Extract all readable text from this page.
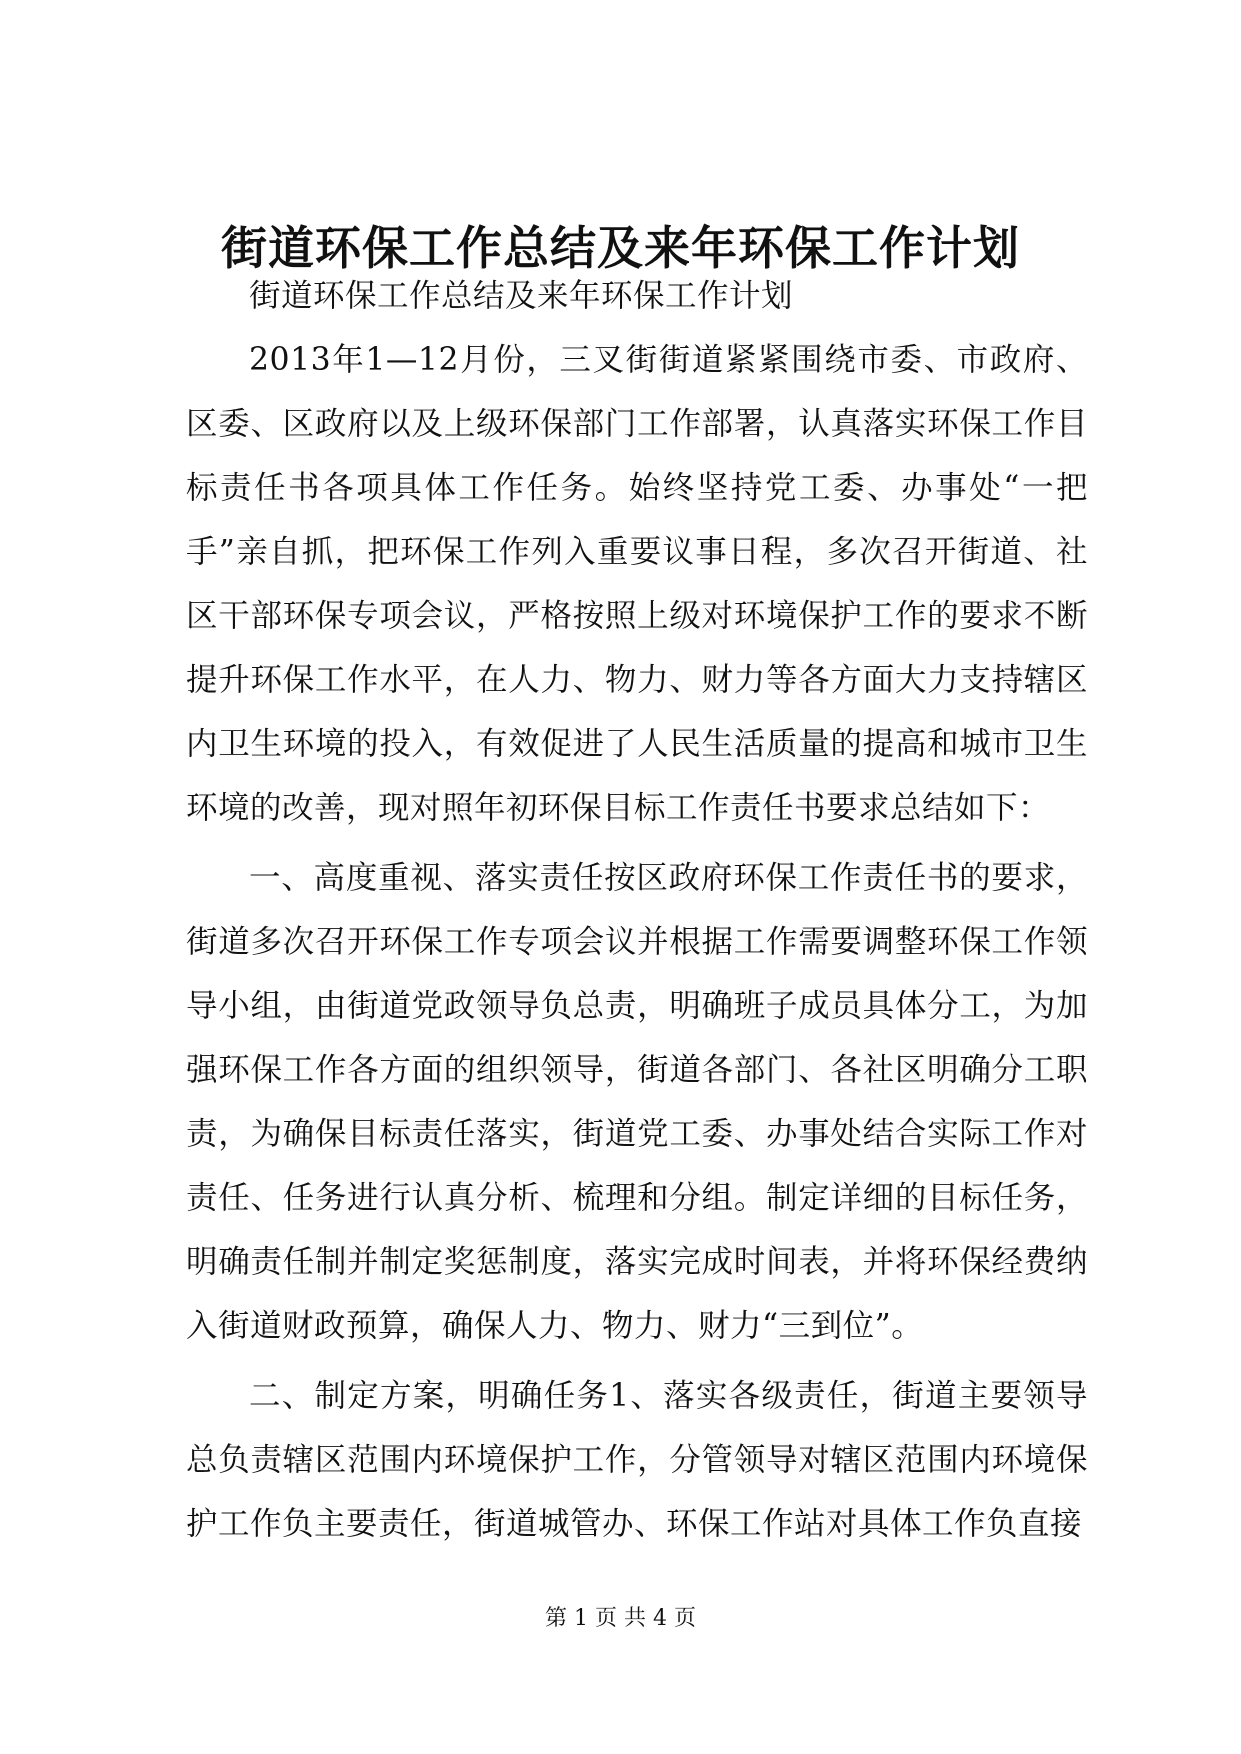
街道环保工作总结及来年环保工作计划

街道环保工作总结及来年环保工作计划

2013年1—12月份，三叉街街道紧紧围绕市委、市政府、区委、区政府以及上级环保部门工作部署，认真落实环保工作目标责任书各项具体工作任务。始终坚持党工委、办事处“一把手”亲自抓，把环保工作列入重要议事日程，多次召开街道、社区干部环保专项会议，严格按照上级对环境保护工作的要求不断提升环保工作水平，在人力、物力、财力等各方面大力支持辖区内卫生环境的投入，有效促进了人民生活质量的提高和城市卫生环境的改善，现对照年初环保目标工作责任书要求总结如下：

一、高度重视、落实责任按区政府环保工作责任书的要求，街道多次召开环保工作专项会议并根据工作需要调整环保工作领导小组，由街道党政领导负总责，明确班子成员具体分工，为加强环保工作各方面的组织领导，街道各部门、各社区明确分工职责，为确保目标责任落实，街道党工委、办事处结合实际工作对责任、任务进行认真分析、梳理和分组。制定详细的目标任务，明确责任制并制定奖惩制度，落实完成时间表，并将环保经费纳入街道财政预算，确保人力、物力、财力“三到位”。

二、制定方案，明确任务1、落实各级责任，街道主要领导总负责辖区范围内环境保护工作，分管领导对辖区范围内环境保护工作负主要责任，街道城管办、环保工作站对具体工作负直接

第 1 页 共 4 页
